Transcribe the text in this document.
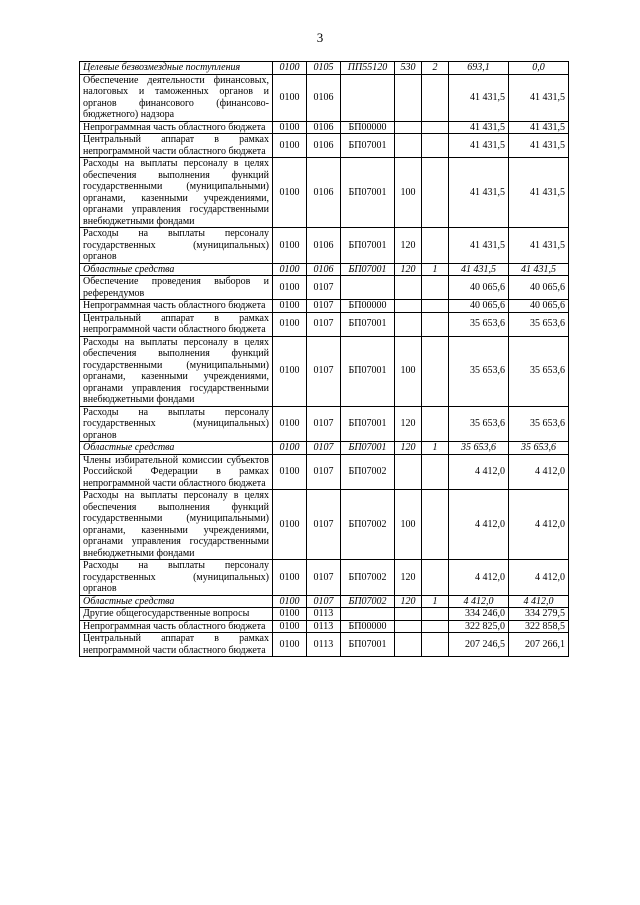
3
Целевые безвозмездные поступления	0100	0105	ПП55120	530	2	693,1	0,0
Обеспечение деятельности финансовых, налоговых и таможенных органов и органов финансового (финансово-бюджетного) надзора	0100	0106				41 431,5	41 431,5
Непрограммная часть областного бюджета	0100	0106	БП00000			41 431,5	41 431,5
Центральный аппарат в рамках непрограммной части областного бюджета	0100	0106	БП07001			41 431,5	41 431,5
Расходы на выплаты персоналу в целях обеспечения выполнения функций государственными (муниципальными) органами, казенными учреждениями, органами управления государственными внебюджетными фондами	0100	0106	БП07001	100		41 431,5	41 431,5
Расходы на выплаты персоналу государственных (муниципальных) органов	0100	0106	БП07001	120		41 431,5	41 431,5
Областные средства	0100	0106	БП07001	120	1	41 431,5	41 431,5
Обеспечение проведения выборов и референдумов	0100	0107				40 065,6	40 065,6
Непрограммная часть областного бюджета	0100	0107	БП00000			40 065,6	40 065,6
Центральный аппарат в рамках непрограммной части областного бюджета	0100	0107	БП07001			35 653,6	35 653,6
Расходы на выплаты персоналу в целях обеспечения выполнения функций государственными (муниципальными) органами, казенными учреждениями, органами управления государственными внебюджетными фондами	0100	0107	БП07001	100		35 653,6	35 653,6
Расходы на выплаты персоналу государственных (муниципальных) органов	0100	0107	БП07001	120		35 653,6	35 653,6
Областные средства	0100	0107	БП07001	120	1	35 653,6	35 653,6
Члены избирательной комиссии субъектов Российской Федерации в рамках непрограммной части областного бюджета	0100	0107	БП07002			4 412,0	4 412,0
Расходы на выплаты персоналу в целях обеспечения выполнения функций государственными (муниципальными) органами, казенными учреждениями, органами управления государственными внебюджетными фондами	0100	0107	БП07002	100		4 412,0	4 412,0
Расходы на выплаты персоналу государственных (муниципальных) органов	0100	0107	БП07002	120		4 412,0	4 412,0
Областные средства	0100	0107	БП07002	120	1	4 412,0	4 412,0
Другие общегосударственные вопросы	0100	0113				334 246,0	334 279,5
Непрограммная часть областного бюджета	0100	0113	БП00000			322 825,0	322 858,5
Центральный аппарат в рамках непрограммной части областного бюджета	0100	0113	БП07001			207 246,5	207 266,1
